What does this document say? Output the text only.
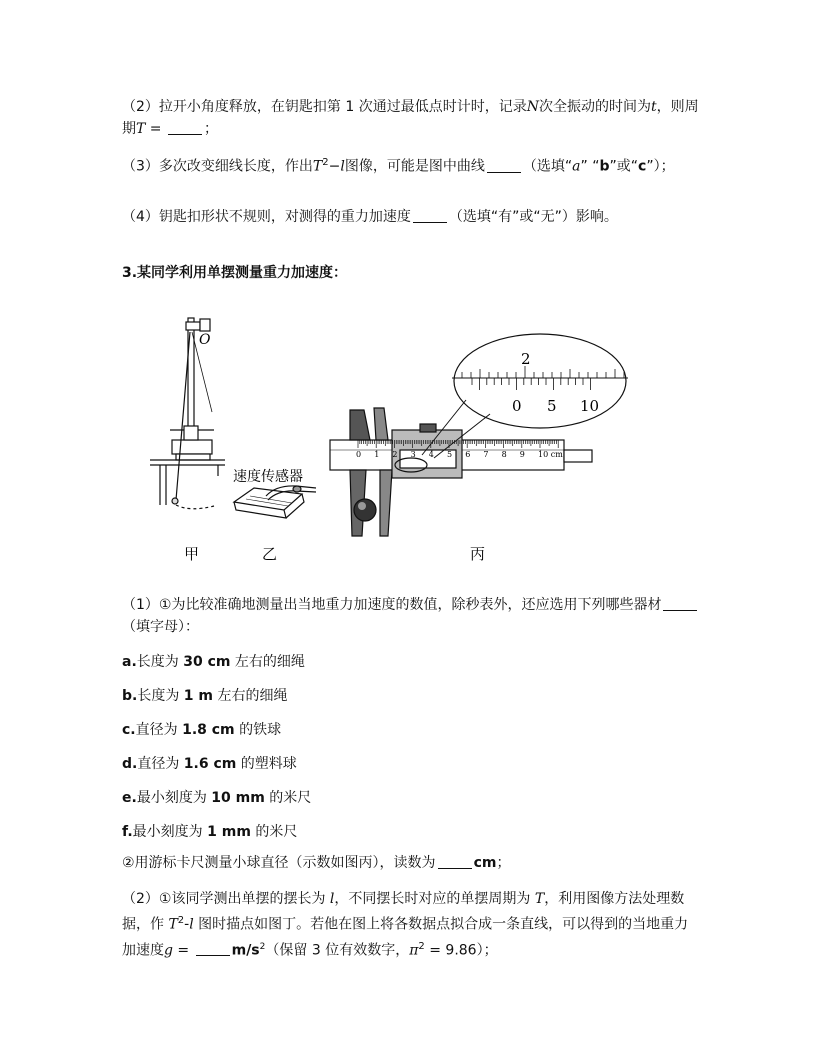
（2）拉开小角度释放，在钥匙扣第 1 次通过最低点时计时，记录N次全振动的时间为t，则周期T =	；
（3）多次改变细线长度，作出$T^2-l$图像，可能是图中曲线	（选填“a” “b”或“c”）；
（4）钥匙扣形状不规则，对测得的重力加速度	（选填“有”或“无”）影响。
3.某同学利用单摆测量重力加速度：
O
速度传感器
0 1 2 3 4 5 6 7 8 9 10 cm
2
0 5 10
甲	乙	丙
（1）①为比较准确地测量出当地重力加速度的数值，除秒表外，还应选用下列哪些器材（填字母）：
a.长度为 30 cm 左右的细绳
b.长度为 1 m 左右的细绳
c.直径为 1.8 cm 的铁球
d.直径为 1.6 cm 的塑料球
e.最小刻度为 10 mm 的米尺
f.最小刻度为 1 mm 的米尺
②用游标卡尺测量小球直径（示数如图丙），读数为	cm；
（2）①该同学测出单摆的摆长为 l，不同摆长时对应的单摆周期为 T，利用图像方法处理数据，作 $T^2-l$ 图时描点如图丁。若他在图上将各数据点拟合成一条直线，可以得到的当地重力加速度g =	$m/s^2$（保留 3 位有效数字，$\pi^2 = 9.86$）；
